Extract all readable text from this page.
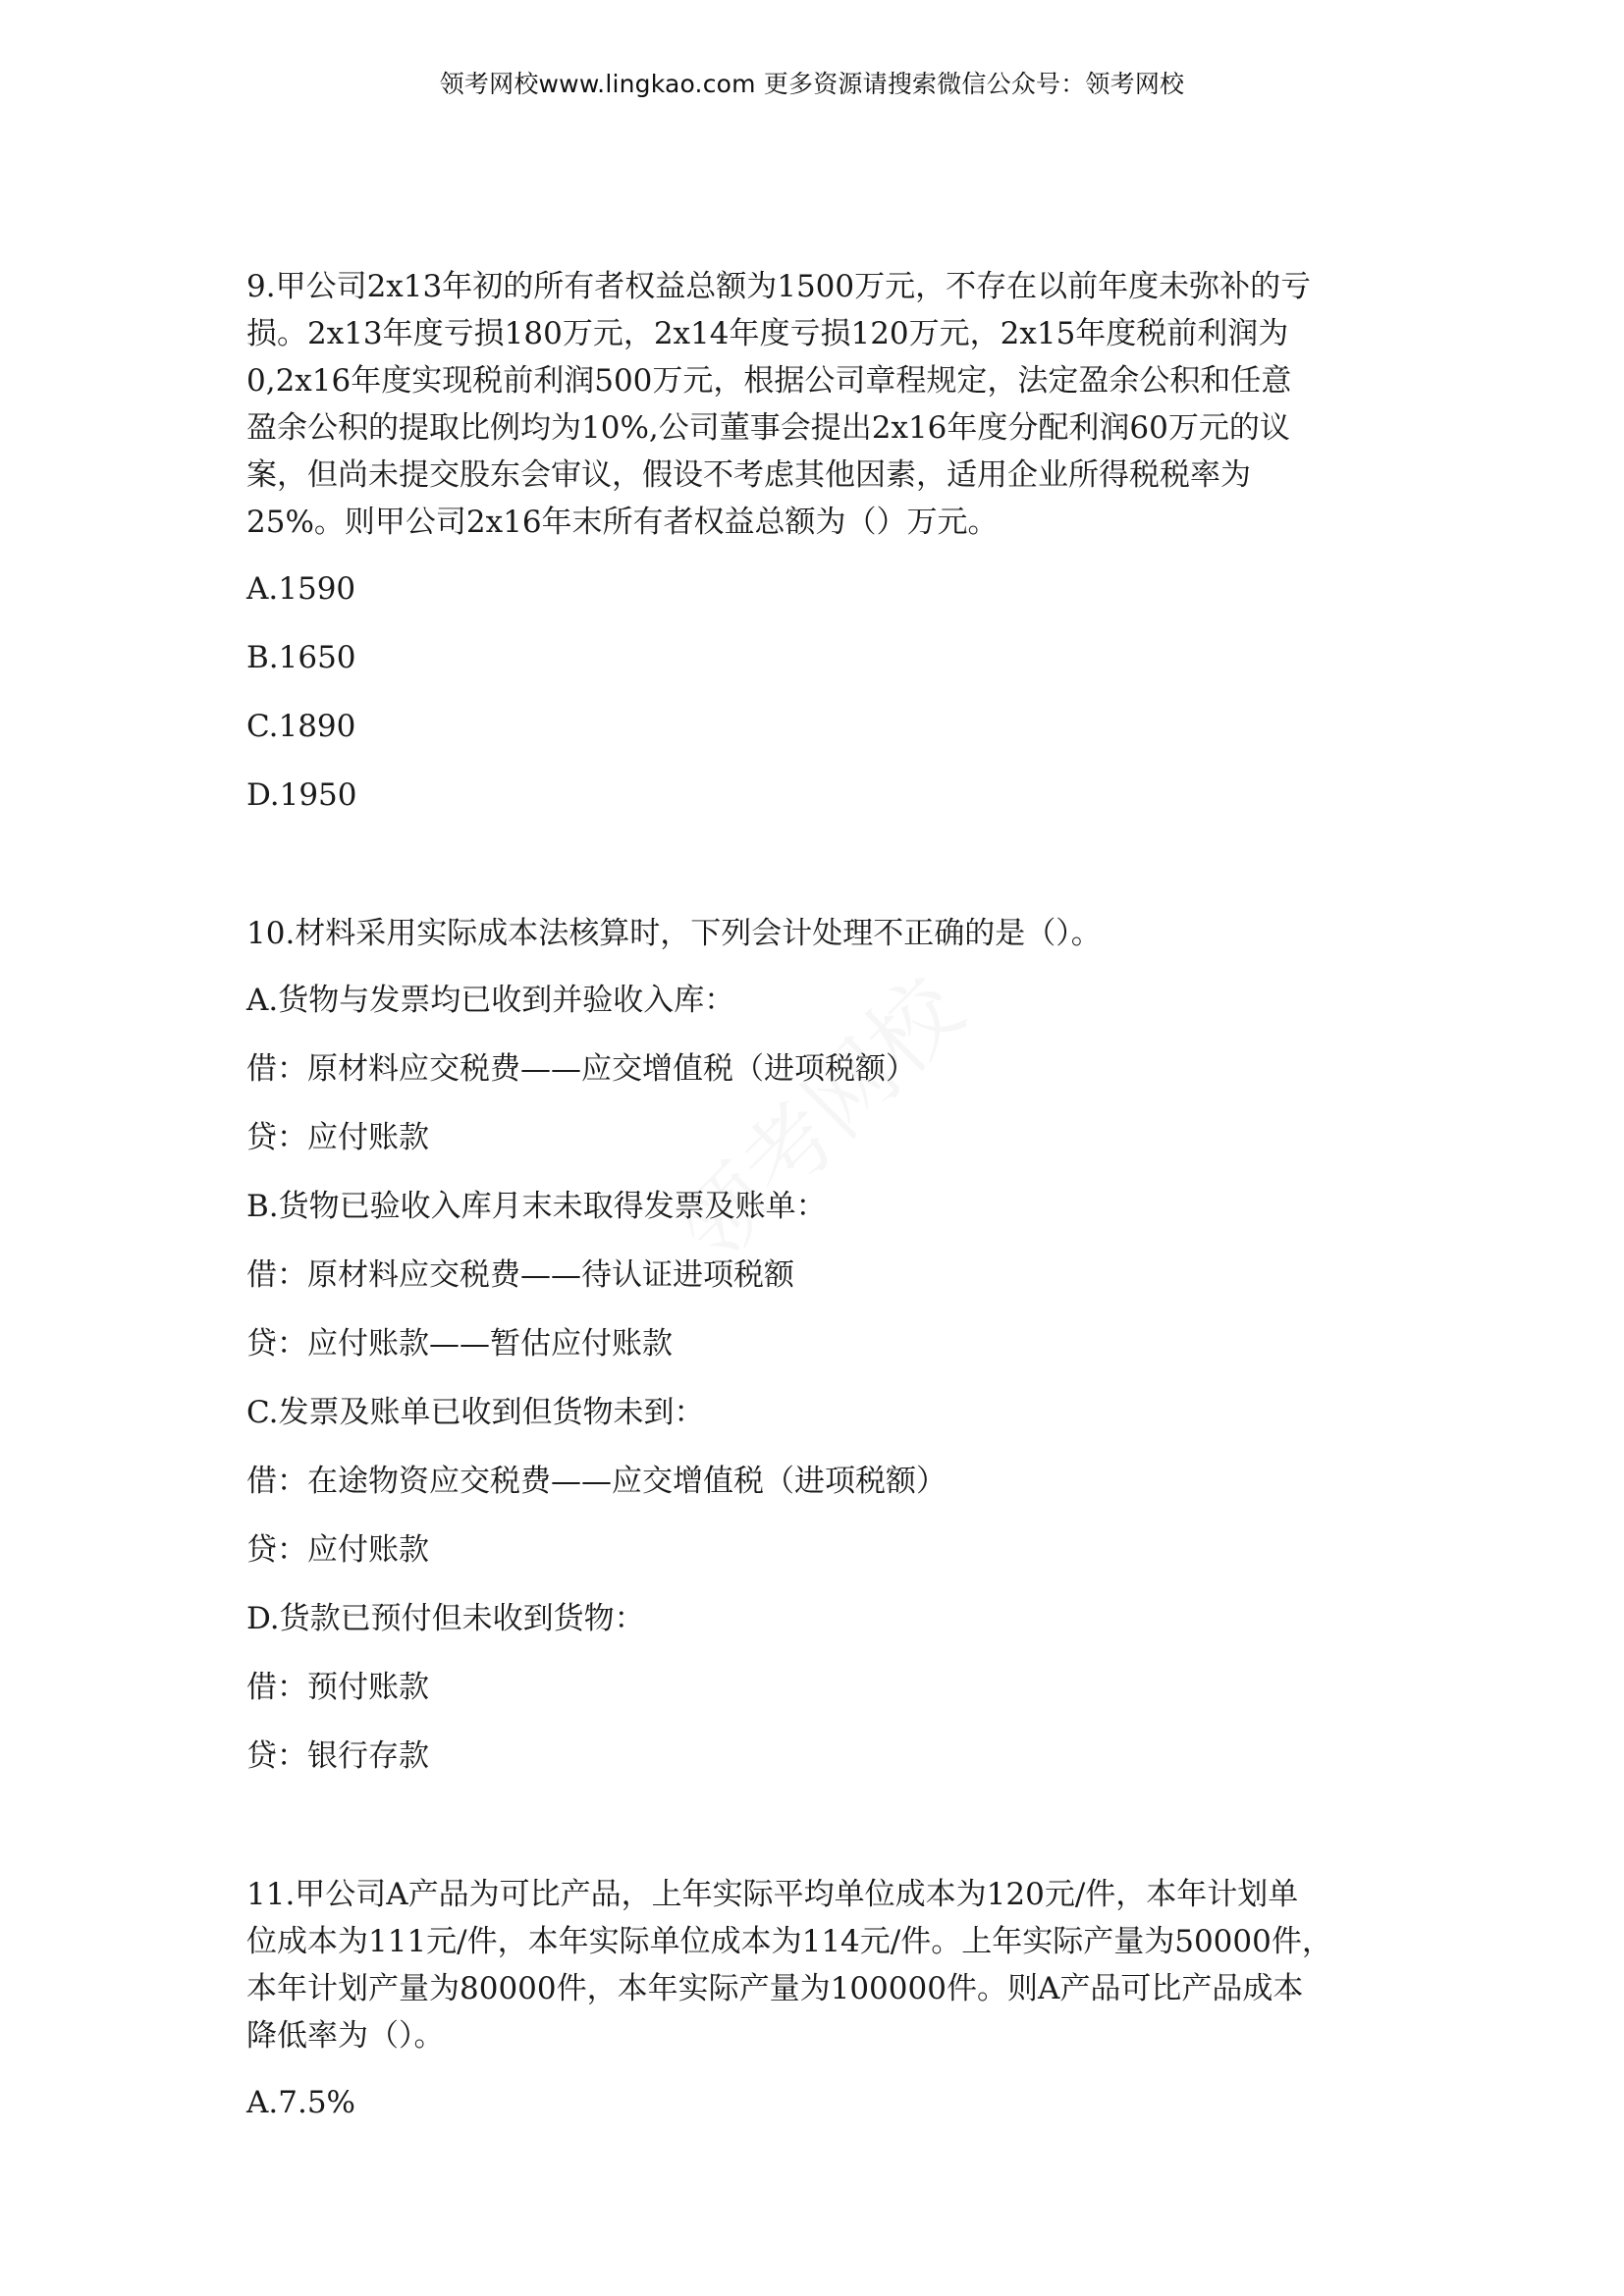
领考网校www.lingkao.com 更多资源请搜索微信公众号：领考网校
9.甲公司2x13年初的所有者权益总额为1500万元，不存在以前年度未弥补的亏
损。2x13年度亏损180万元，2x14年度亏损120万元，2x15年度税前利润为
0,2x16年度实现税前利润500万元，根据公司章程规定，法定盈余公积和任意
盈余公积的提取比例均为10%,公司董事会提出2x16年度分配利润60万元的议
案，但尚未提交股东会审议，假设不考虑其他因素，适用企业所得税税率为
25%。则甲公司2x16年末所有者权益总额为（）万元。
A.1590
B.1650
C.1890
D.1950
10.材料采用实际成本法核算时，下列会计处理不正确的是（）。
A.货物与发票均已收到并验收入库：
借：原材料应交税费——应交增值税（进项税额）
贷：应付账款
B.货物已验收入库月末未取得发票及账单：
借：原材料应交税费——待认证进项税额
贷：应付账款——暂估应付账款
C.发票及账单已收到但货物未到：
借：在途物资应交税费——应交增值税（进项税额）
贷：应付账款
D.货款已预付但未收到货物：
借：预付账款
贷：银行存款
11.甲公司A产品为可比产品，上年实际平均单位成本为120元/件，本年计划单
位成本为111元/件，本年实际单位成本为114元/件。上年实际产量为50000件，
本年计划产量为80000件，本年实际产量为100000件。则A产品可比产品成本
降低率为（）。
A.7.5%
